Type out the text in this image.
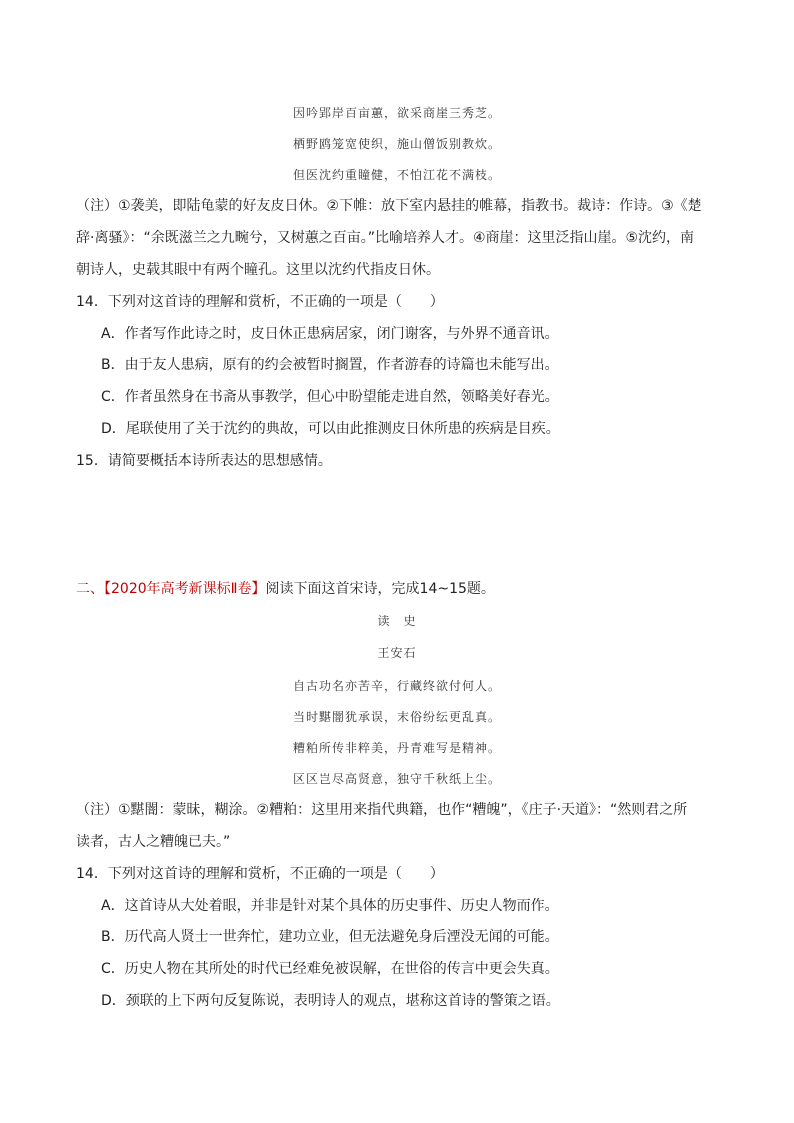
因吟郢岸百亩蕙，欲采商崖三秀芝。
栖野鸥笼宽使织，施山僧饭别教炊。
但医沈约重瞳健，不怕江花不满枝。
（注）①袭美，即陆龟蒙的好友皮日休。②下帷：放下室内悬挂的帷幕，指教书。裁诗：作诗。③《楚
辞·离骚》：“余既滋兰之九畹兮，又树蕙之百亩。”比喻培养人才。④商崖：这里泛指山崖。⑤沈约，南
朝诗人，史载其眼中有两个瞳孔。这里以沈约代指皮日休。
14．下列对这首诗的理解和赏析，不正确的一项是（　　）
A．作者写作此诗之时，皮日休正患病居家，闭门谢客，与外界不通音讯。
B．由于友人患病，原有的约会被暂时搁置，作者游春的诗篇也未能写出。
C．作者虽然身在书斋从事教学，但心中盼望能走进自然，领略美好春光。
D．尾联使用了关于沈约的典故，可以由此推测皮日休所患的疾病是目疾。
15．请简要概括本诗所表达的思想感情。
二、【2020年高考新课标Ⅱ卷】阅读下面这首宋诗，完成14~15题。
读　史
王安石
自古功名亦苦辛，行藏终欲付何人。
当时黮闇犹承误，末俗纷纭更乱真。
糟粕所传非粹美，丹青难写是精神。
区区岂尽高贤意，独守千秋纸上尘。
（注）①黮闇：蒙昧，糊涂。②糟粕：这里用来指代典籍，也作“糟魄”，《庄子·天道》：“然则君之所
读者，古人之糟魄已夫。”
14．下列对这首诗的理解和赏析，不正确的一项是（　　）
A．这首诗从大处着眼，并非是针对某个具体的历史事件、历史人物而作。
B．历代高人贤士一世奔忙，建功立业，但无法避免身后湮没无闻的可能。
C．历史人物在其所处的时代已经难免被误解，在世俗的传言中更会失真。
D．颈联的上下两句反复陈说，表明诗人的观点，堪称这首诗的警策之语。
